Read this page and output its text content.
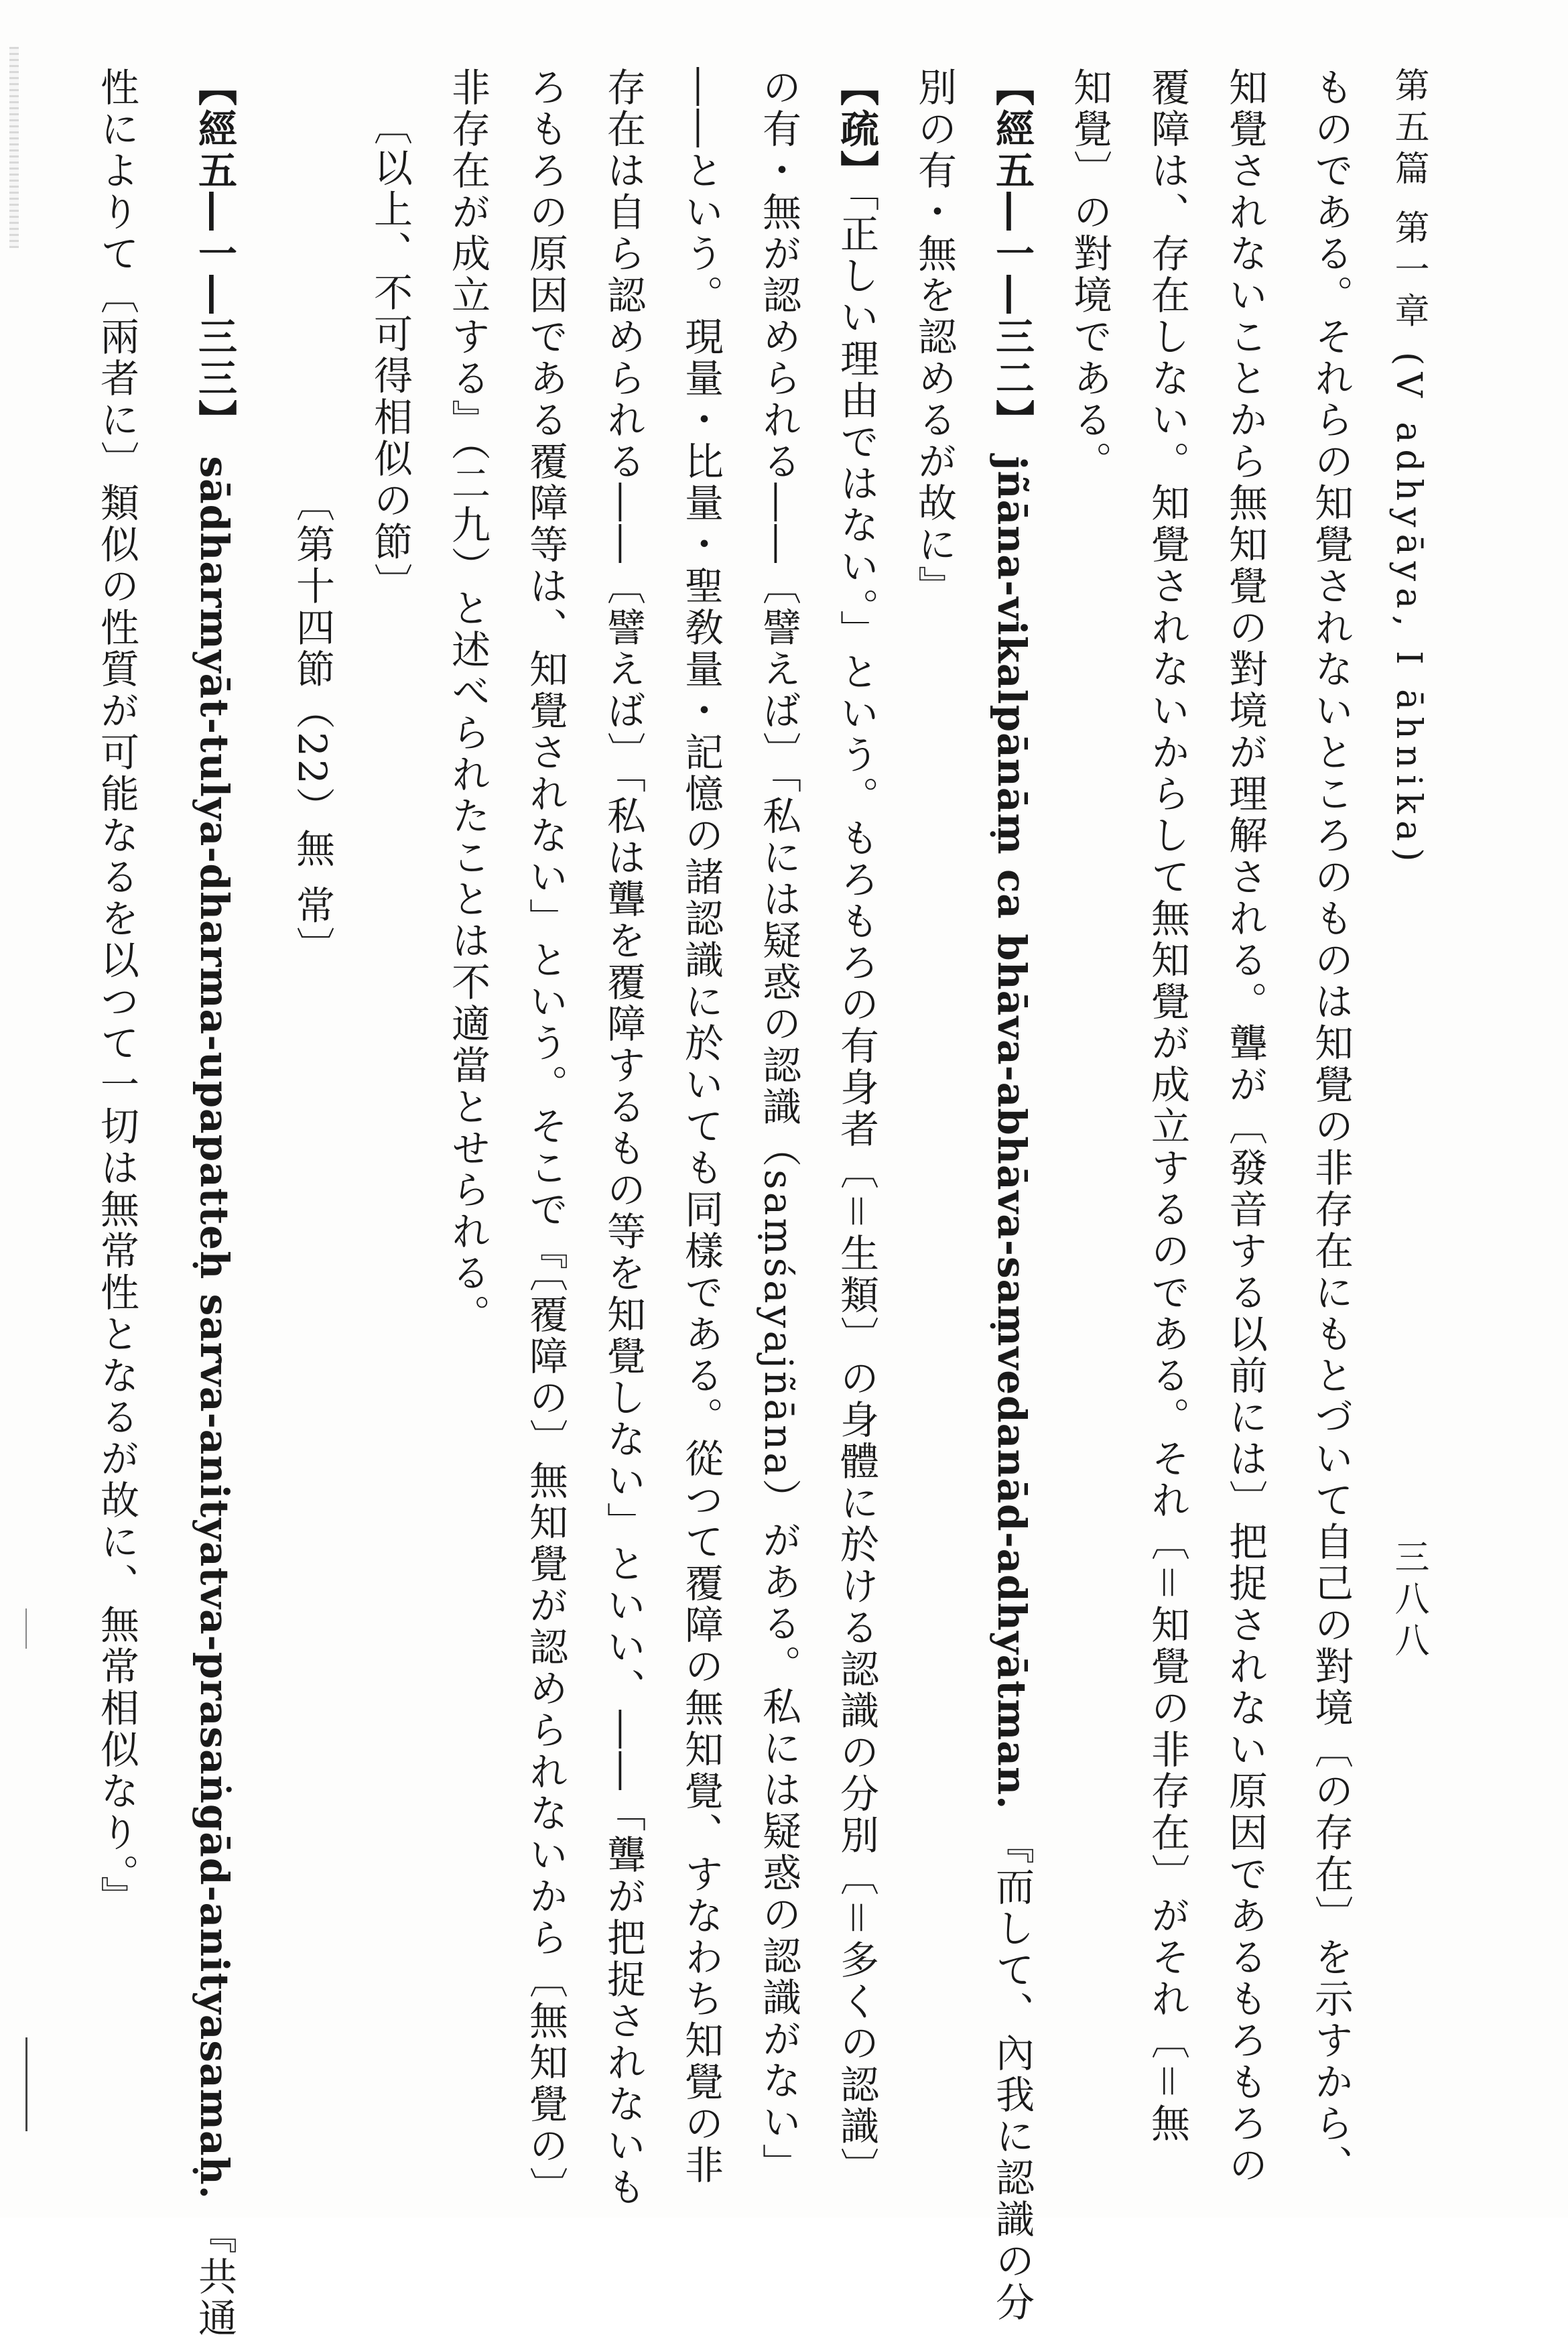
第五篇 第一章 (V adhyāya, I āhnika)三八八
ものである。それらの知覺されないところのものは知覺の非存在にもとづいて自己の對境〔の存在〕を示すから、
知覺されないことから無知覺の對境が理解される。聾が〔發音する以前には〕把捉されない原因であるもろもろの
覆障は、存在しない。知覺されないからして無知覺が成立するのである。それ〔＝知覺の非存在〕がそれ〔＝無
知覺〕の對境である。
【經五―一―三二】 jñāna-vikalpānāṃ ca bhāva-abhāva-saṃvedanād-adhyātman. 『而して、內我に認識の分
別の有・無を認めるが故に』
【疏】「正しい理由ではない。」という。もろもろの有身者〔＝生類〕の身體に於ける認識の分別〔＝多くの認識〕
の有・無が認められる――〔譬えば〕「私には疑惑の認識（saṃśayajñāna）がある。私には疑惑の認識がない」
――という。現量・比量・聖敎量・記憶の諸認識に於いても同樣である。從つて覆障の無知覺、すなわち知覺の非
存在は自ら認められる――〔譬えば〕「私は聾を覆障するもの等を知覺しない」といい、――「聾が把捉されないも
ろもろの原因である覆障等は、知覺されない」という。そこで『〔覆障の〕無知覺が認められないから〔無知覺の〕
非存在が成立する』（二九）と述べられたことは不適當とせられる。
〔以上、不可得相似の節〕
〔第十四節（22）無 常〕
【經五―一―三三】 sādharmyāt-tulya-dharma-upapatteḥ sarva-anityatva-prasaṅgād-anityasamaḥ. 『共通
性によりて〔兩者に〕類似の性質が可能なるを以つて一切は無常性となるが故に、無常相似なり。』
